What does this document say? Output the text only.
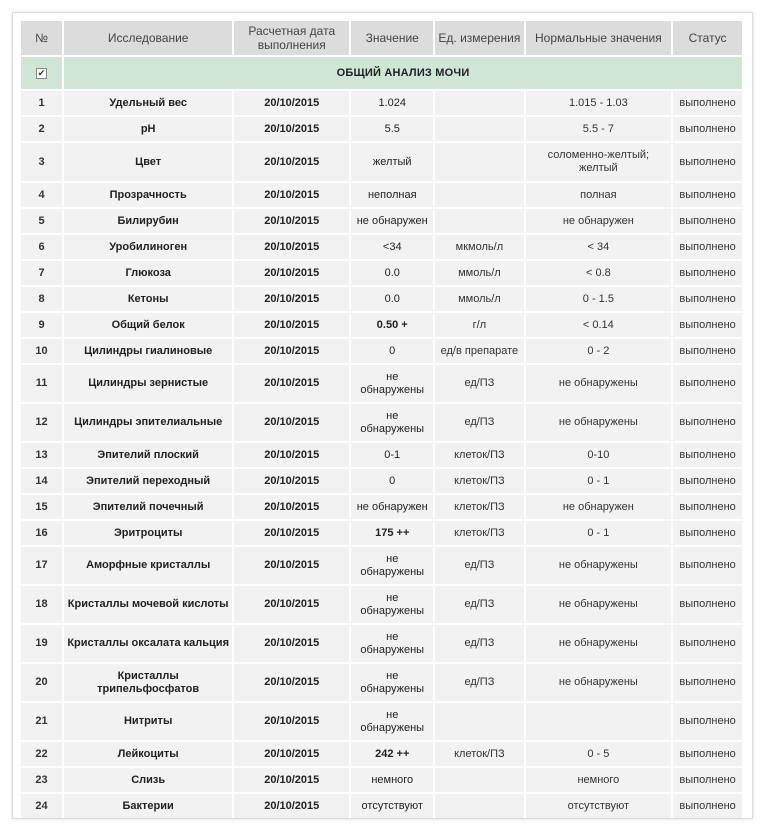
№	Исследование	Расчетная дата выполнения	Значение	Ед. измерения	Нормальные значения	Статус
✔	ОБЩИЙ АНАЛИЗ МОЧИ					
1	Удельный вес	20/10/2015	1.024		1.015 - 1.03	выполнено
2	pH	20/10/2015	5.5		5.5 - 7	выполнено
3	Цвет	20/10/2015	желтый		соломенно-желтый; желтый	выполнено
4	Прозрачность	20/10/2015	неполная		полная	выполнено
5	Билирубин	20/10/2015	не обнаружен		не обнаружен	выполнено
6	Уробилиноген	20/10/2015	<34	мкмоль/л	< 34	выполнено
7	Глюкоза	20/10/2015	0.0	ммоль/л	< 0.8	выполнено
8	Кетоны	20/10/2015	0.0	ммоль/л	0 - 1.5	выполнено
9	Общий белок	20/10/2015	0.50 +	г/л	< 0.14	выполнено
10	Цилиндры гиалиновые	20/10/2015	0	ед/в препарате	0 - 2	выполнено
11	Цилиндры зернистые	20/10/2015	не обнаружены	ед/ПЗ	не обнаружены	выполнено
12	Цилиндры эпителиальные	20/10/2015	не обнаружены	ед/ПЗ	не обнаружены	выполнено
13	Эпителий плоский	20/10/2015	0-1	клеток/ПЗ	0-10	выполнено
14	Эпителий переходный	20/10/2015	0	клеток/ПЗ	0 - 1	выполнено
15	Эпителий почечный	20/10/2015	не обнаружен	клеток/ПЗ	не обнаружен	выполнено
16	Эритроциты	20/10/2015	175 ++	клеток/ПЗ	0 - 1	выполнено
17	Аморфные кристаллы	20/10/2015	не обнаружены	ед/ПЗ	не обнаружены	выполнено
18	Кристаллы мочевой кислоты	20/10/2015	не обнаружены	ед/ПЗ	не обнаружены	выполнено
19	Кристаллы оксалата кальция	20/10/2015	не обнаружены	ед/ПЗ	не обнаружены	выполнено
20	Кристаллы трипельфосфатов	20/10/2015	не обнаружены	ед/ПЗ	не обнаружены	выполнено
21	Нитриты	20/10/2015	не обнаружены			выполнено
22	Лейкоциты	20/10/2015	242 ++	клеток/ПЗ	0 - 5	выполнено
23	Слизь	20/10/2015	немного		немного	выполнено
24	Бактерии	20/10/2015	отсутствуют		отсутствуют	выполнено
